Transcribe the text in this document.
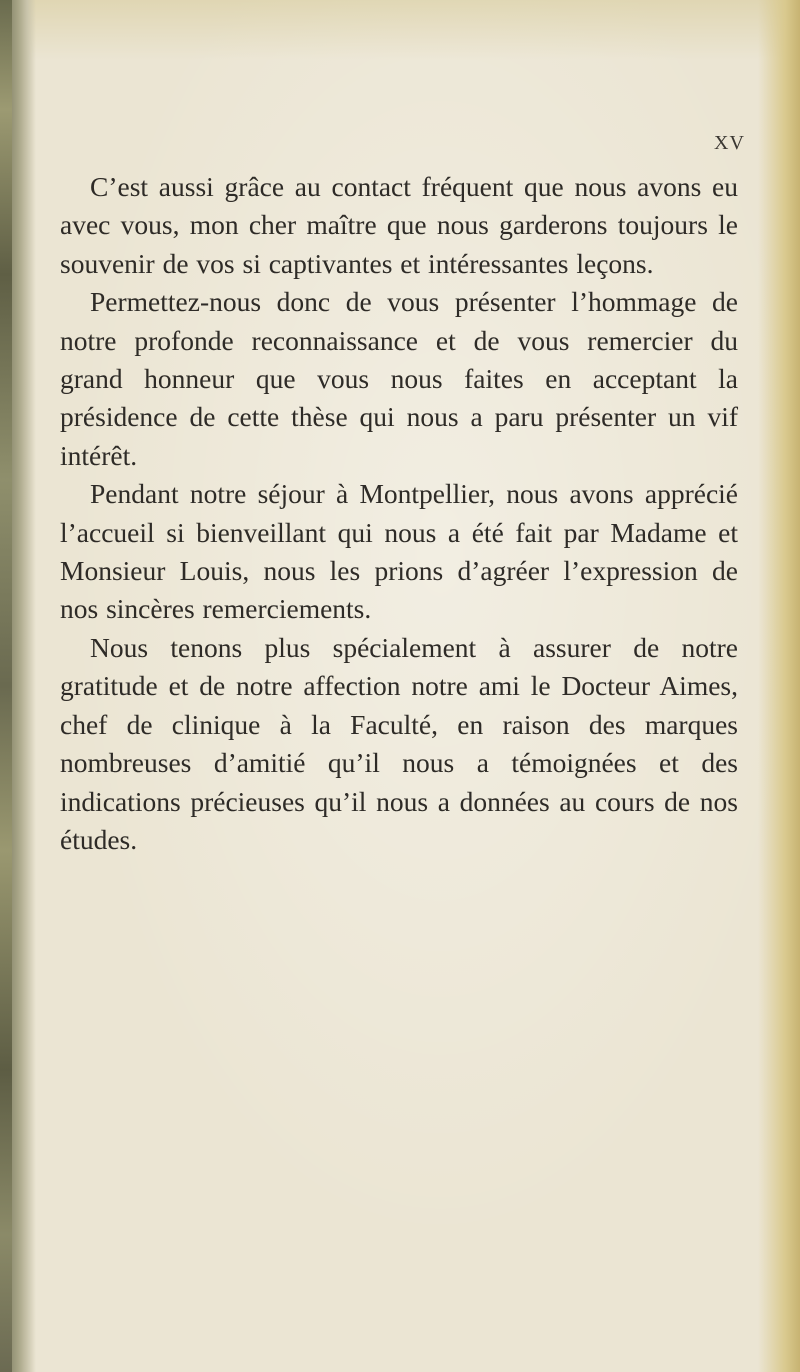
XV

C’est aussi grâce au contact fréquent que nous avons eu avec vous, mon cher maître que nous garderons toujours le souvenir de vos si captivantes et intéressantes leçons.

Permettez-nous donc de vous présenter l’hommage de notre profonde reconnaissance et de vous remercier du grand honneur que vous nous faites en acceptant la présidence de cette thèse qui nous a paru présenter un vif intérêt.

Pendant notre séjour à Montpellier, nous avons apprécié l’accueil si bienveillant qui nous a été fait par Madame et Monsieur Louis, nous les prions d’agréer l’expression de nos sincères remerciements.

Nous tenons plus spécialement à assurer de notre gratitude et de notre affection notre ami le Docteur Aimes, chef de clinique à la Faculté, en raison des marques nombreuses d’amitié qu’il nous a témoignées et des indications précieuses qu’il nous a données au cours de nos études.
